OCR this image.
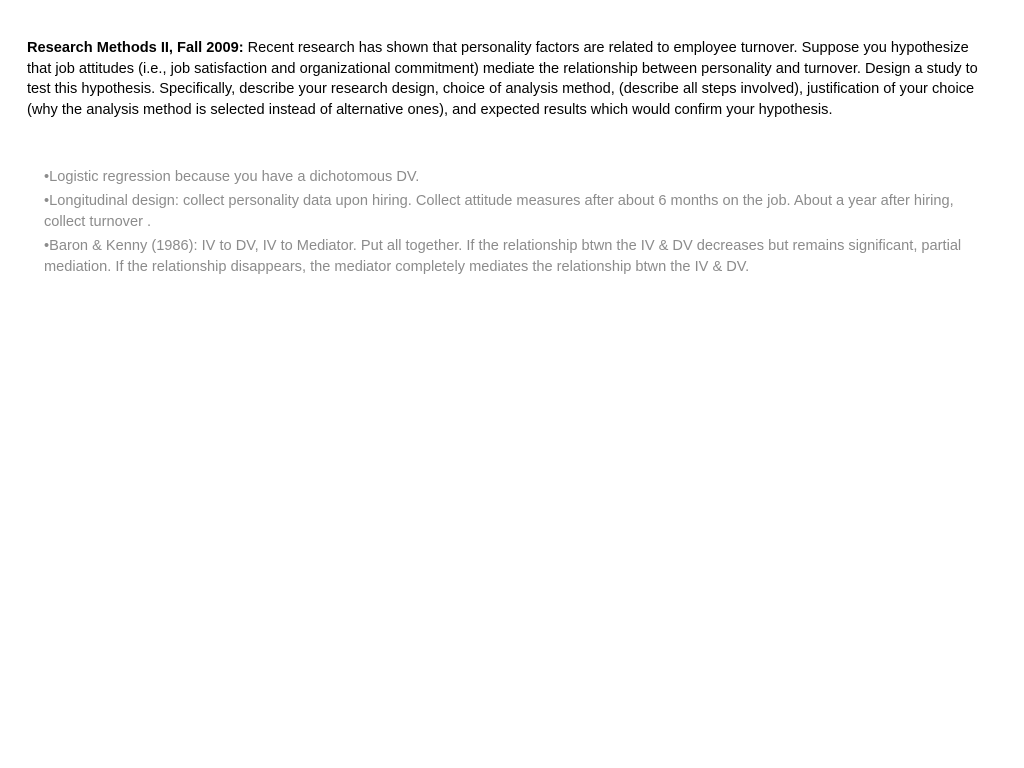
Research Methods II, Fall 2009: Recent research has shown that personality factors are related to employee turnover. Suppose you hypothesize that job attitudes (i.e., job satisfaction and organizational commitment) mediate the relationship between personality and turnover. Design a study to test this hypothesis. Specifically, describe your research design, choice of analysis method, (describe all steps involved), justification of your choice (why the analysis method is selected instead of alternative ones), and expected results which would confirm your hypothesis.

•Logistic regression because you have a dichotomous DV.
•Longitudinal design: collect personality data upon hiring. Collect attitude measures after about 6 months on the job. About a year after hiring, collect turnover .
•Baron & Kenny (1986): IV to DV, IV to Mediator. Put all together. If the relationship btwn the IV & DV decreases but remains significant, partial mediation. If the relationship disappears, the mediator completely mediates the relationship btwn the IV & DV.
